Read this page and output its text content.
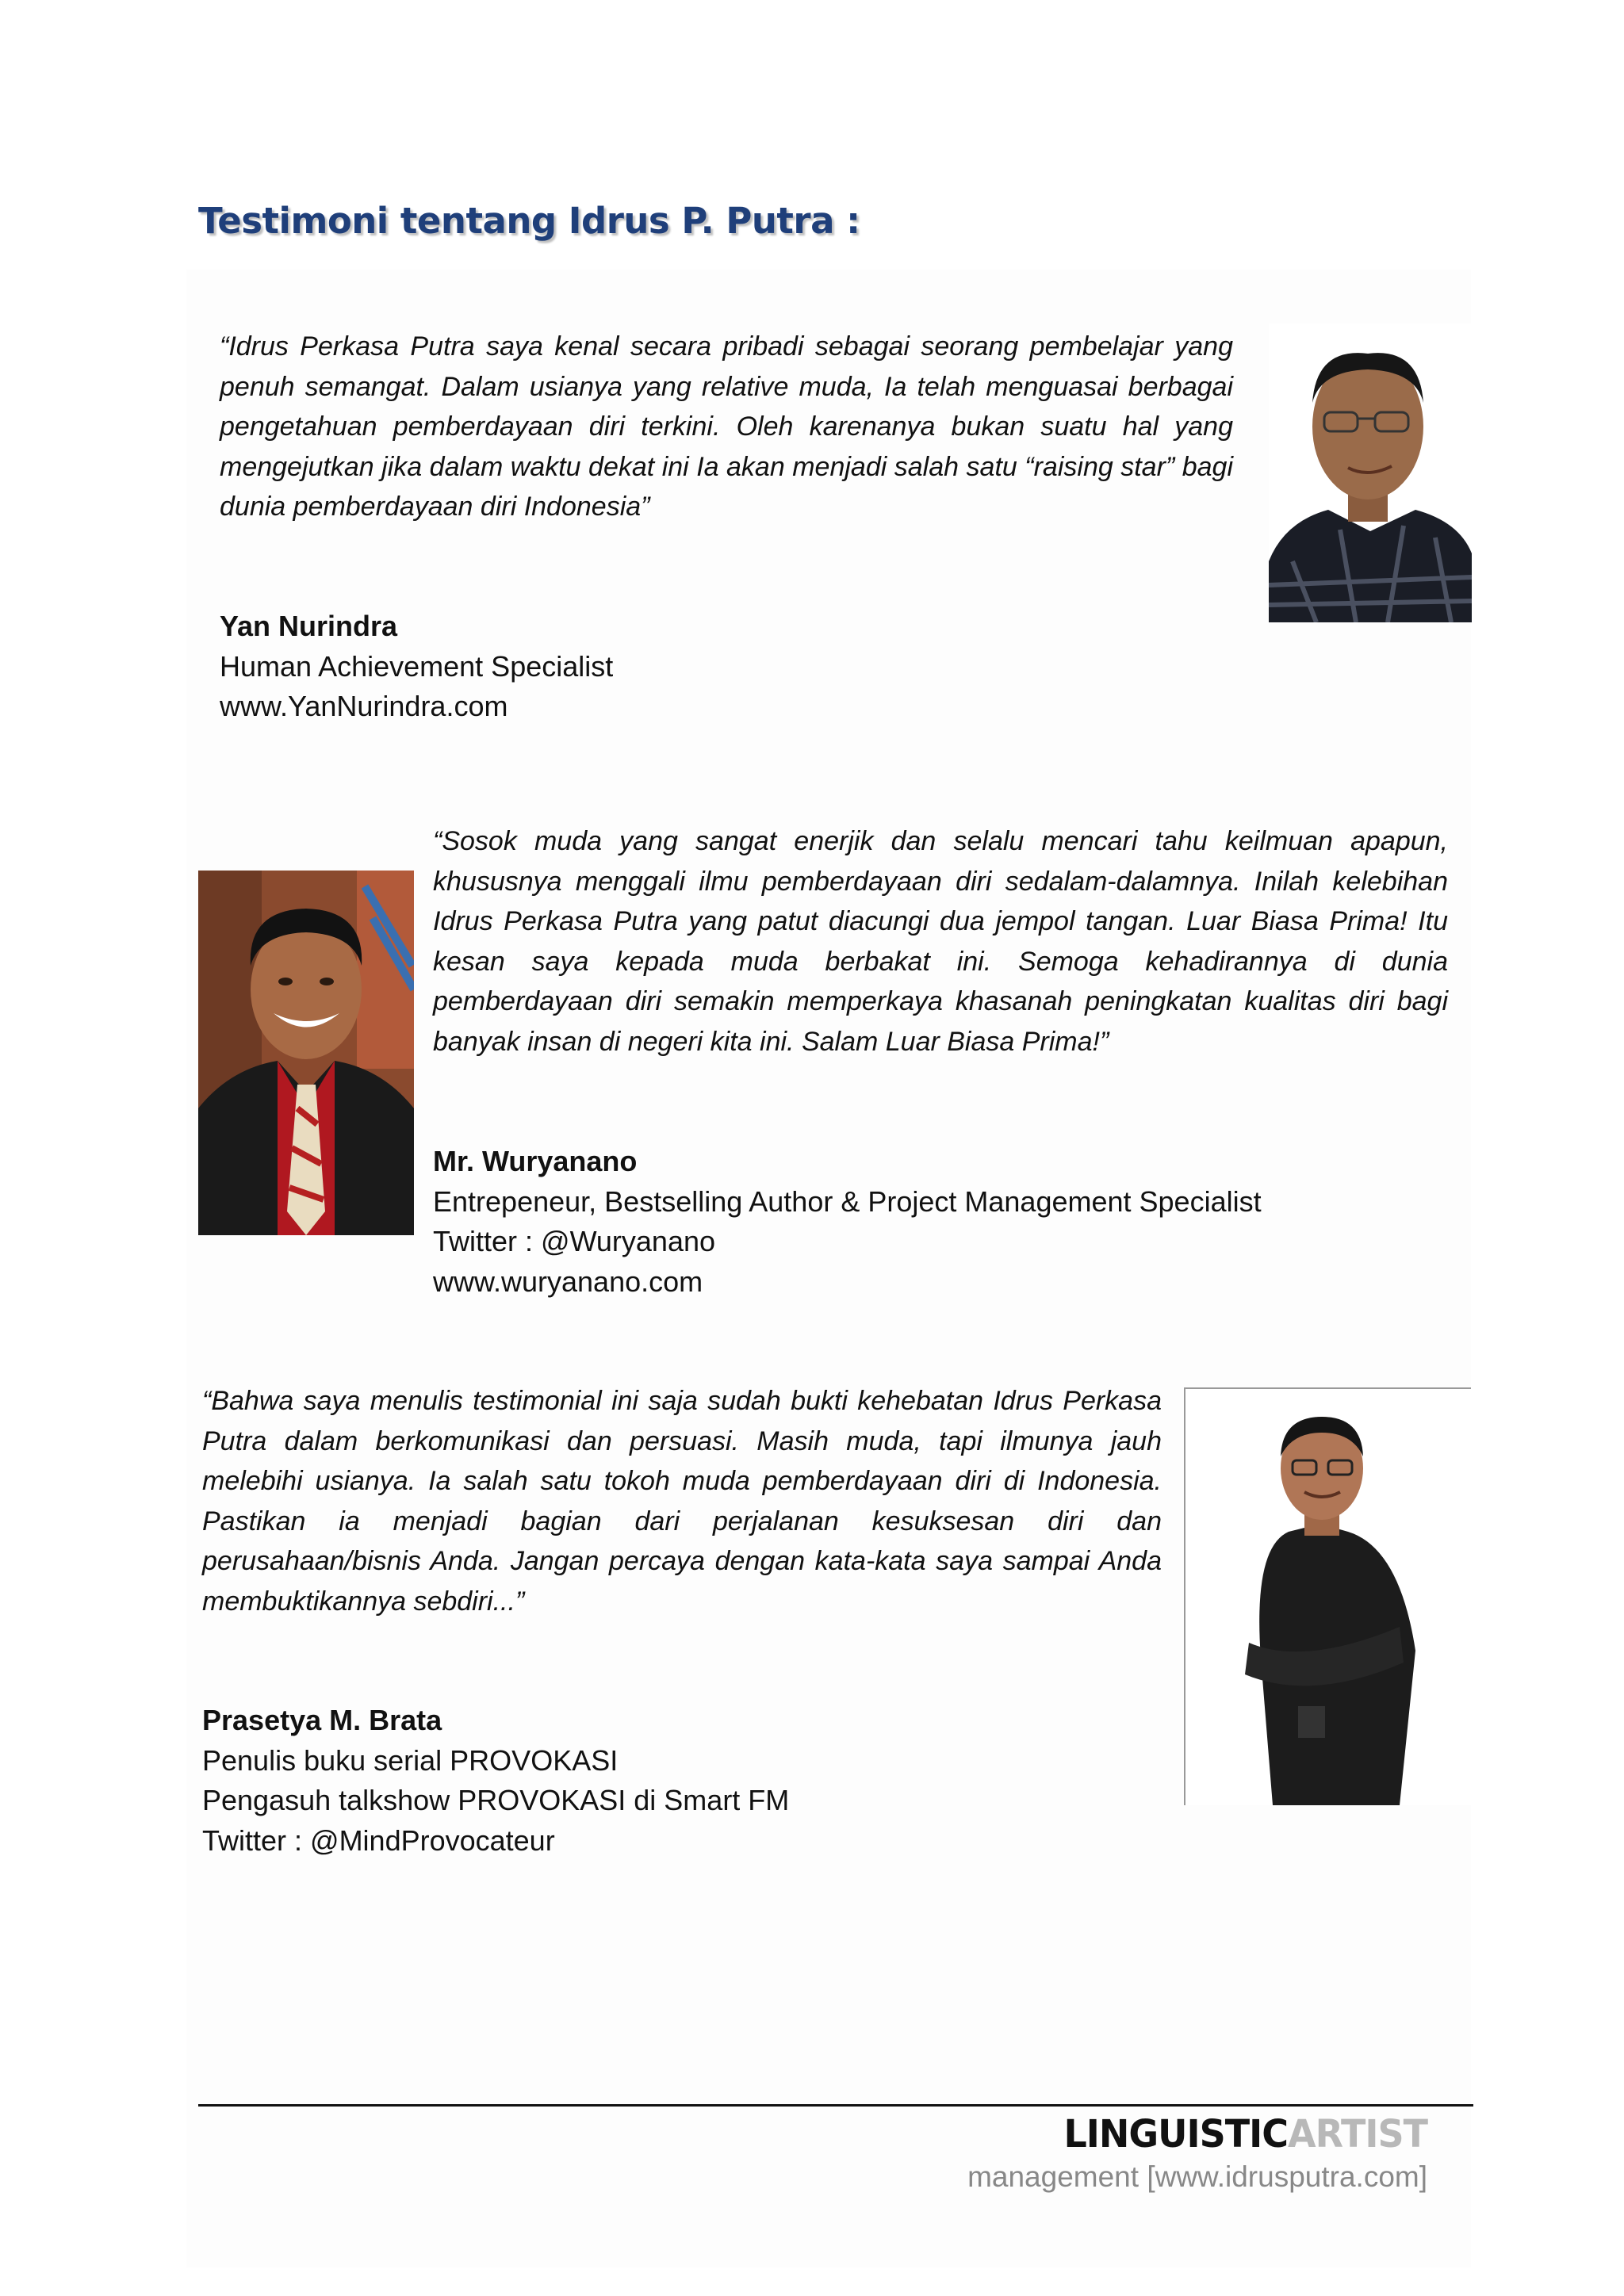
Testimoni tentang Idrus P. Putra :

“Idrus Perkasa Putra saya kenal secara pribadi sebagai seorang pembelajar yang penuh semangat. Dalam usianya yang relative muda, Ia telah menguasai berbagai pengetahuan pemberdayaan diri terkini. Oleh karenanya bukan suatu hal yang mengejutkan jika dalam waktu dekat ini Ia akan menjadi salah satu “raising star” bagi dunia pemberdayaan diri Indonesia”

Yan Nurindra
Human Achievement Specialist
www.YanNurindra.com

“Sosok muda yang sangat enerjik dan selalu mencari tahu keilmuan apapun, khususnya menggali ilmu pemberdayaan diri sedalam-dalamnya. Inilah kelebihan Idrus Perkasa Putra yang patut diacungi dua jempol tangan. Luar Biasa Prima! Itu kesan saya kepada muda berbakat ini. Semoga kehadirannya di dunia pemberdayaan diri semakin memperkaya khasanah peningkatan kualitas diri bagi banyak insan di negeri kita ini. Salam Luar Biasa Prima!”

Mr. Wuryanano
Entrepeneur, Bestselling Author & Project Management Specialist
Twitter : @Wuryanano
www.wuryanano.com

“Bahwa saya menulis testimonial ini saja sudah bukti kehebatan Idrus Perkasa Putra dalam berkomunikasi dan persuasi. Masih muda, tapi ilmunya jauh melebihi usianya. Ia salah satu tokoh muda pemberdayaan diri di Indonesia. Pastikan ia menjadi bagian dari perjalanan kesuksesan diri dan perusahaan/bisnis Anda. Jangan percaya dengan kata-kata saya sampai Anda membuktikannya sebdiri...”

Prasetya M. Brata
Penulis buku serial PROVOKASI
Pengasuh talkshow PROVOKASI di Smart FM
Twitter : @MindProvocateur
LINGUISTICARTIST
management [www.idrusputra.com]
